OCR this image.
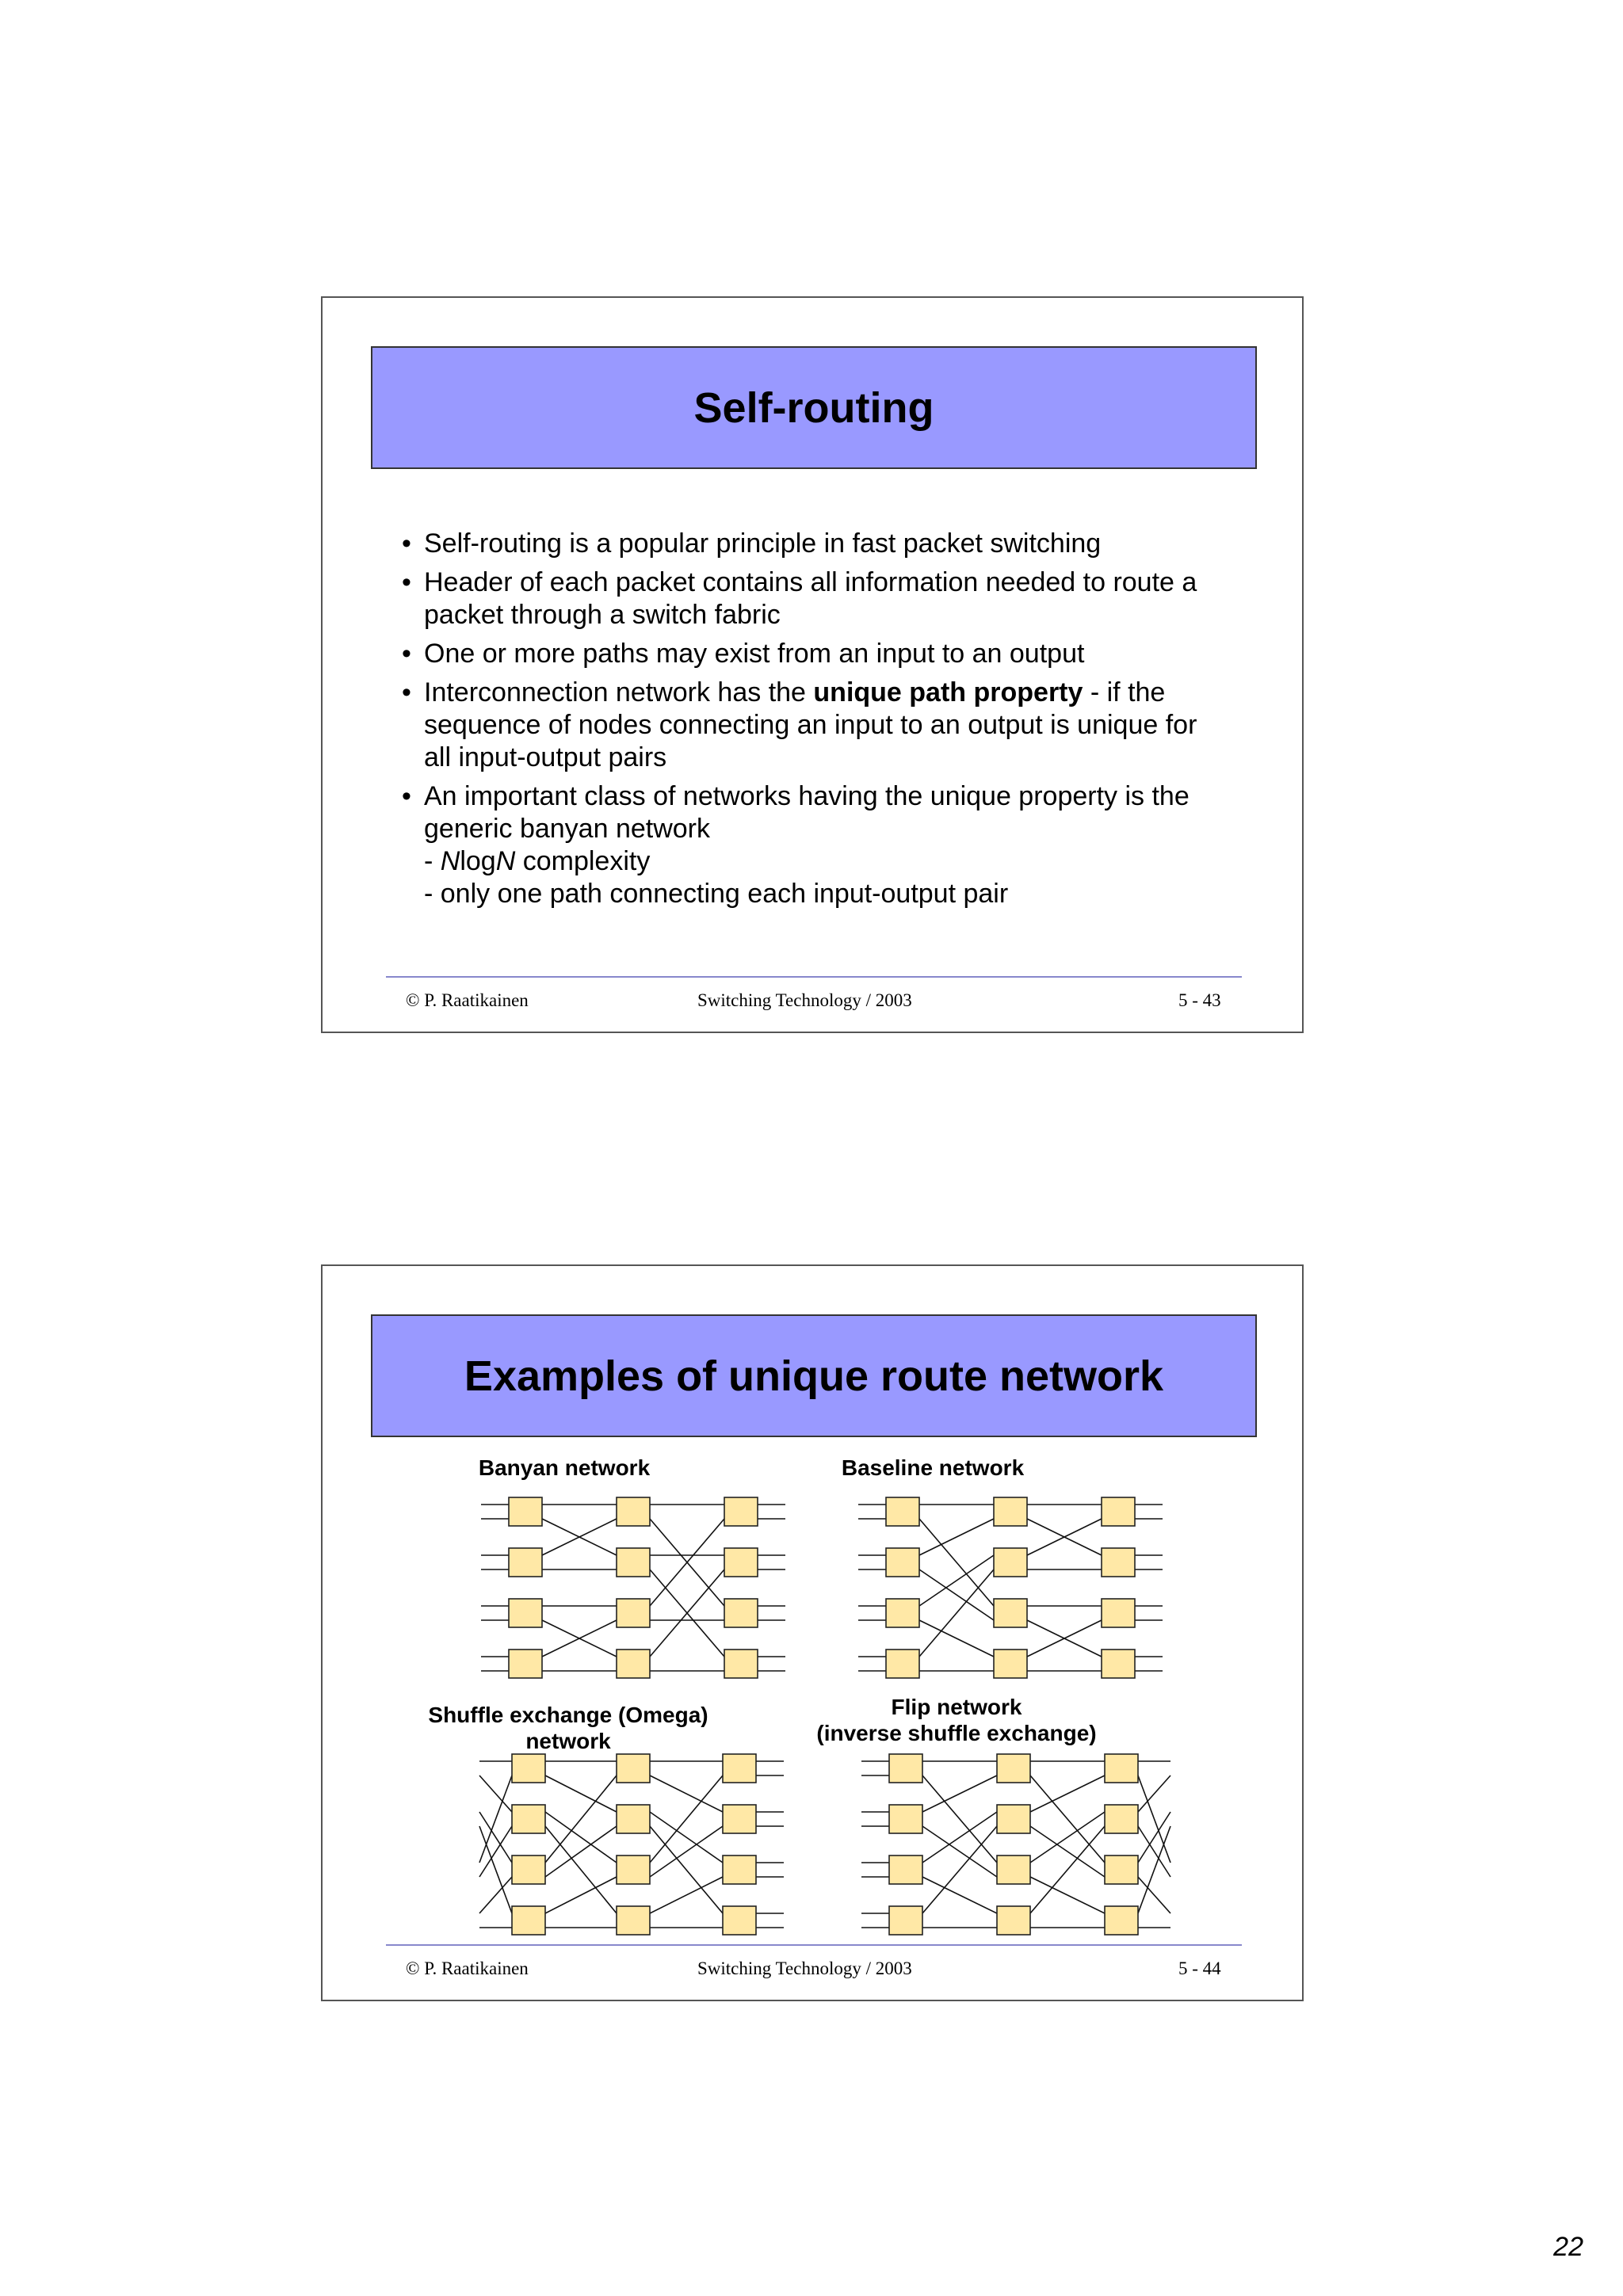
Self-routing
• Self-routing is a popular principle in fast packet switching
• Header of each packet contains all information needed to route a packet through a switch fabric
• One or more paths may exist from an input to an output
• Interconnection network has the unique path property - if the sequence of nodes connecting an input to an output is unique for all input-output pairs
• An important class of networks having the unique property is the generic banyan network
- NlogN complexity
- only one path connecting each input-output pair
© P. Raatikainen	Switching Technology / 2003	5 - 43
Examples of unique route network
Banyan network	Baseline network
Shuffle exchange (Omega) network
Flip network
(inverse shuffle exchange)
© P. Raatikainen	Switching Technology / 2003	5 - 44
22
